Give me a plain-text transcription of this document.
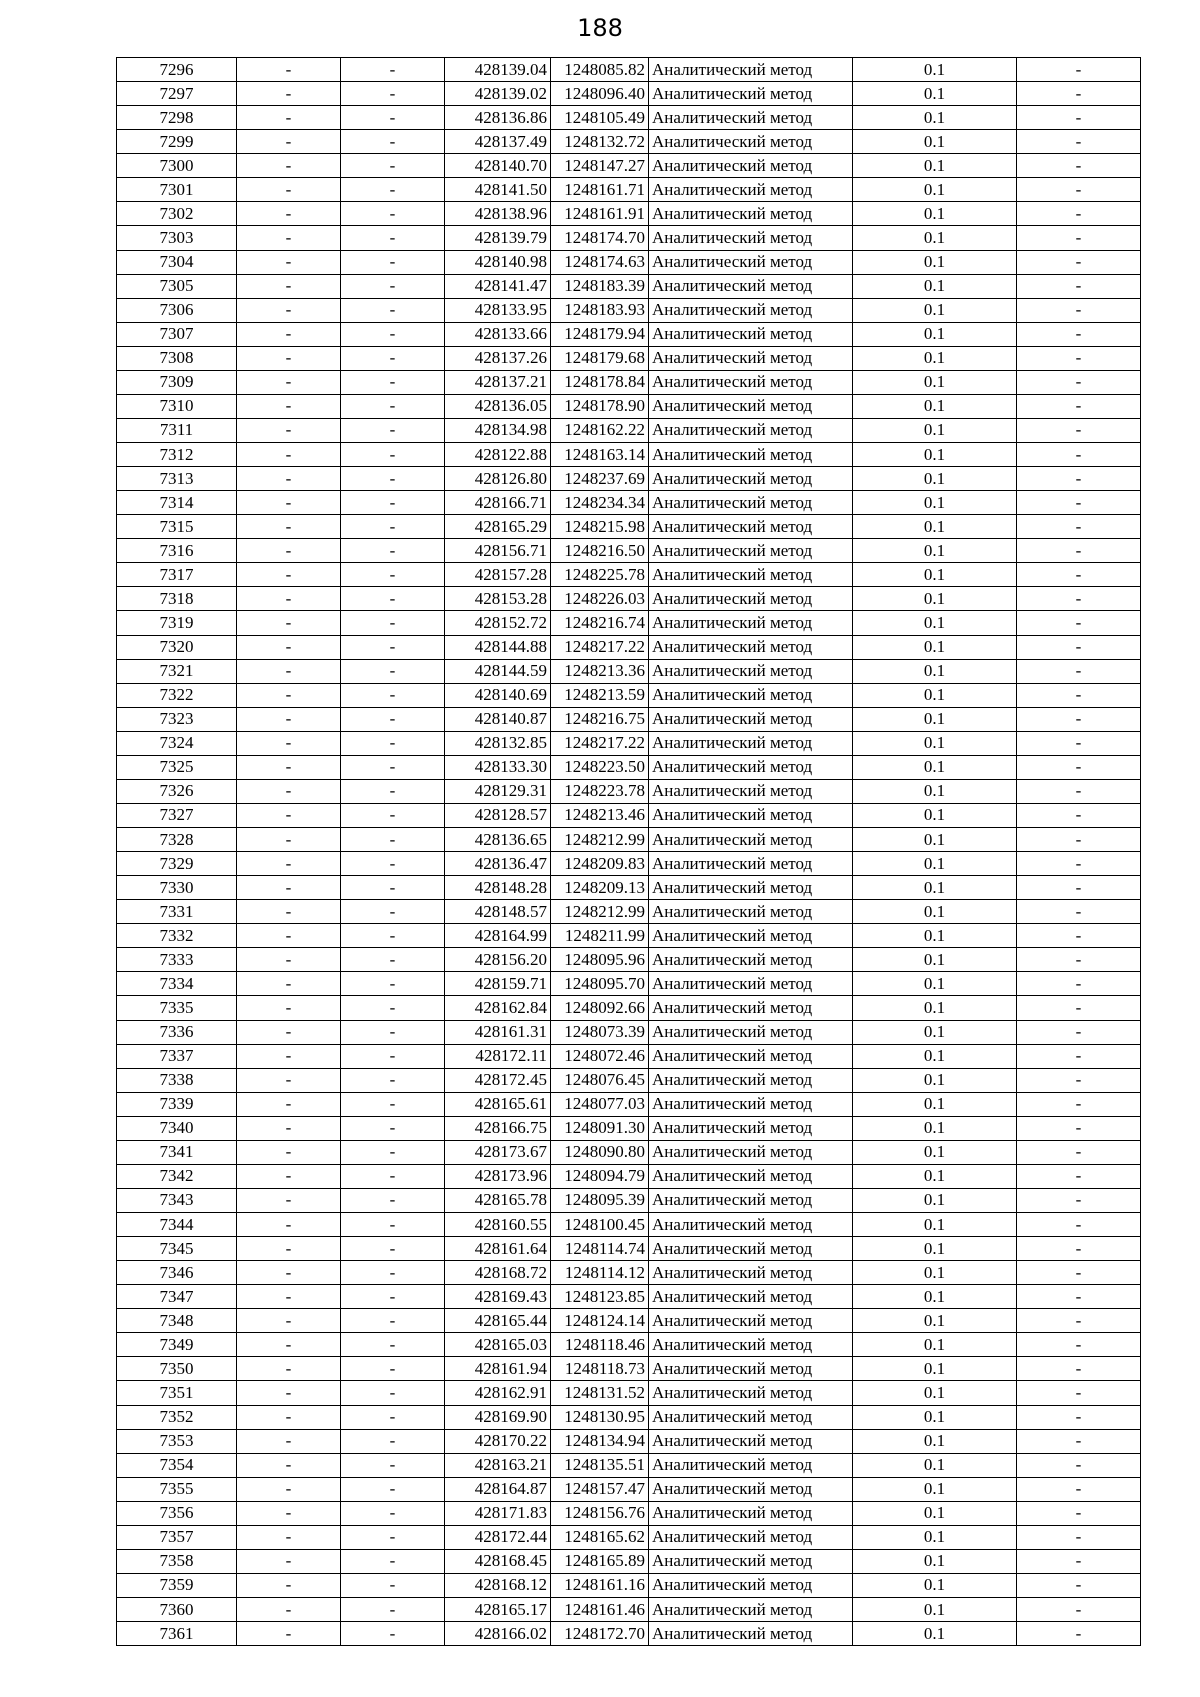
188
7296	-	-	428139.04	1248085.82	Аналитический метод	0.1	-
7297	-	-	428139.02	1248096.40	Аналитический метод	0.1	-
7298	-	-	428136.86	1248105.49	Аналитический метод	0.1	-
7299	-	-	428137.49	1248132.72	Аналитический метод	0.1	-
7300	-	-	428140.70	1248147.27	Аналитический метод	0.1	-
7301	-	-	428141.50	1248161.71	Аналитический метод	0.1	-
7302	-	-	428138.96	1248161.91	Аналитический метод	0.1	-
7303	-	-	428139.79	1248174.70	Аналитический метод	0.1	-
7304	-	-	428140.98	1248174.63	Аналитический метод	0.1	-
7305	-	-	428141.47	1248183.39	Аналитический метод	0.1	-
7306	-	-	428133.95	1248183.93	Аналитический метод	0.1	-
7307	-	-	428133.66	1248179.94	Аналитический метод	0.1	-
7308	-	-	428137.26	1248179.68	Аналитический метод	0.1	-
7309	-	-	428137.21	1248178.84	Аналитический метод	0.1	-
7310	-	-	428136.05	1248178.90	Аналитический метод	0.1	-
7311	-	-	428134.98	1248162.22	Аналитический метод	0.1	-
7312	-	-	428122.88	1248163.14	Аналитический метод	0.1	-
7313	-	-	428126.80	1248237.69	Аналитический метод	0.1	-
7314	-	-	428166.71	1248234.34	Аналитический метод	0.1	-
7315	-	-	428165.29	1248215.98	Аналитический метод	0.1	-
7316	-	-	428156.71	1248216.50	Аналитический метод	0.1	-
7317	-	-	428157.28	1248225.78	Аналитический метод	0.1	-
7318	-	-	428153.28	1248226.03	Аналитический метод	0.1	-
7319	-	-	428152.72	1248216.74	Аналитический метод	0.1	-
7320	-	-	428144.88	1248217.22	Аналитический метод	0.1	-
7321	-	-	428144.59	1248213.36	Аналитический метод	0.1	-
7322	-	-	428140.69	1248213.59	Аналитический метод	0.1	-
7323	-	-	428140.87	1248216.75	Аналитический метод	0.1	-
7324	-	-	428132.85	1248217.22	Аналитический метод	0.1	-
7325	-	-	428133.30	1248223.50	Аналитический метод	0.1	-
7326	-	-	428129.31	1248223.78	Аналитический метод	0.1	-
7327	-	-	428128.57	1248213.46	Аналитический метод	0.1	-
7328	-	-	428136.65	1248212.99	Аналитический метод	0.1	-
7329	-	-	428136.47	1248209.83	Аналитический метод	0.1	-
7330	-	-	428148.28	1248209.13	Аналитический метод	0.1	-
7331	-	-	428148.57	1248212.99	Аналитический метод	0.1	-
7332	-	-	428164.99	1248211.99	Аналитический метод	0.1	-
7333	-	-	428156.20	1248095.96	Аналитический метод	0.1	-
7334	-	-	428159.71	1248095.70	Аналитический метод	0.1	-
7335	-	-	428162.84	1248092.66	Аналитический метод	0.1	-
7336	-	-	428161.31	1248073.39	Аналитический метод	0.1	-
7337	-	-	428172.11	1248072.46	Аналитический метод	0.1	-
7338	-	-	428172.45	1248076.45	Аналитический метод	0.1	-
7339	-	-	428165.61	1248077.03	Аналитический метод	0.1	-
7340	-	-	428166.75	1248091.30	Аналитический метод	0.1	-
7341	-	-	428173.67	1248090.80	Аналитический метод	0.1	-
7342	-	-	428173.96	1248094.79	Аналитический метод	0.1	-
7343	-	-	428165.78	1248095.39	Аналитический метод	0.1	-
7344	-	-	428160.55	1248100.45	Аналитический метод	0.1	-
7345	-	-	428161.64	1248114.74	Аналитический метод	0.1	-
7346	-	-	428168.72	1248114.12	Аналитический метод	0.1	-
7347	-	-	428169.43	1248123.85	Аналитический метод	0.1	-
7348	-	-	428165.44	1248124.14	Аналитический метод	0.1	-
7349	-	-	428165.03	1248118.46	Аналитический метод	0.1	-
7350	-	-	428161.94	1248118.73	Аналитический метод	0.1	-
7351	-	-	428162.91	1248131.52	Аналитический метод	0.1	-
7352	-	-	428169.90	1248130.95	Аналитический метод	0.1	-
7353	-	-	428170.22	1248134.94	Аналитический метод	0.1	-
7354	-	-	428163.21	1248135.51	Аналитический метод	0.1	-
7355	-	-	428164.87	1248157.47	Аналитический метод	0.1	-
7356	-	-	428171.83	1248156.76	Аналитический метод	0.1	-
7357	-	-	428172.44	1248165.62	Аналитический метод	0.1	-
7358	-	-	428168.45	1248165.89	Аналитический метод	0.1	-
7359	-	-	428168.12	1248161.16	Аналитический метод	0.1	-
7360	-	-	428165.17	1248161.46	Аналитический метод	0.1	-
7361	-	-	428166.02	1248172.70	Аналитический метод	0.1	-
